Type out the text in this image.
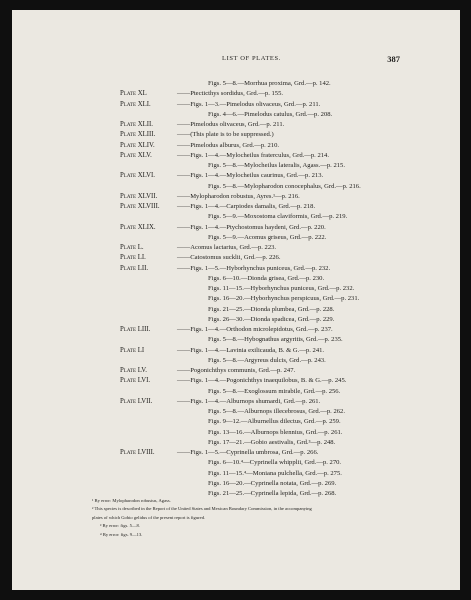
LIST OF PLATES.	387
Figs. 5—8.—Morrhua proxima, Grd.—p. 142.
Plate XL	——Ptecticthys sordidus, Grd.—p. 155.
Plate XLI.	——Figs. 1—3.—Pimelodus olivaceus, Grd.—p. 211.
Figs. 4—6.—Pimelodus catulus, Grd.—p. 208.
Plate XLII.	——Pimelodus olivaceus, Grd.—p. 211.
Plate XLIII.	——(This plate is to be suppressed.)
Plate XLIV.	——Pimelodus alburus, Grd.—p. 210.
Plate XLV.	——Figs. 1—4.—Mylocheilus fraterculus, Grd.—p. 214.
Figs. 5—8.—Mylocheilus lateralis, Agass.—p. 215.
Plate XLVI.	——Figs. 1—4.—Mylocheilus caurinus, Grd.—p. 213.
Figs. 5—8.—Mylopharodon conocephalus, Grd.—p. 216.
Plate XLVII.	——Mylopharodon robustus, Ayres.¹—p. 216.
Plate XLVIII.	——Figs. 1—4.—Carpiodes damalis, Grd.—p. 218.
Figs. 5—9.—Moxostoma claviformis, Grd.—p. 219.
Plate XLIX.	——Figs. 1—4.—Ptychostomus haydeni, Grd.—p. 220.
Figs. 5—9.—Acomus griseus, Grd.—p. 222.
Plate L.	——Acomus lactarius, Grd.—p. 223.
Plate LI.	——Catostomus sucklii, Grd.—p. 226.
Plate LII.	——Figs. 1—5.—Hyborhynchus puniceus, Grd.—p. 232.
Figs. 6—10.—Dionda grisea, Grd.—p. 230.
Figs. 11—15.—Hyborhynchus puniceus, Grd.—p. 232.
Figs. 16—20.—Hyborhynchus perspicuus, Grd.—p. 231.
Figs. 21—25.—Dionda plumbea, Grd.—p. 228.
Figs. 26—30.—Dionda spadicea, Grd.—p. 229.
Plate LIII.	——Figs. 1—4.—Orthodon microlepidotus, Grd.—p. 237.
Figs. 5—8.—Hybognathus argyritis, Grd.—p. 235.
Plate LI	——Figs. 1—4.—Lavinia exilicauda, B. & G.—p. 241.
Figs. 5—8.—Argyreus dulcis, Grd.—p. 243.
Plate LV.	——Pogonichthys communis, Grd.—p. 247.
Plate LVI.	——Figs. 1—4.—Pogonichthys inaequilobus, B. & G.—p. 245.
Figs. 5—8.—Exoglossum mirabile, Grd.—p. 256.
Plate LVII.	——Figs. 1—4.—Alburnops shumardi, Grd.—p. 261.
Figs. 5—8.—Alburnops illecebrosus, Grd.—p. 262.
Figs. 9—12.—Alburnellus dilectus, Grd.—p. 259.
Figs. 13—16.—Alburnops blennius, Grd.—p. 261.
Figs. 17—21.—Gobio aestivalis, Grd.³—p. 248.
Plate LVIII.	——Figs. 1—5.—Cyprinella umbrosa, Grd.—p. 266.
Figs. 6—10.⁴—Cyprinella whipplii, Grd.—p. 270.
Figs. 11—15.⁴—Moniana pulchella, Grd.—p. 275.
Figs. 16—20.—Cyprinella notata, Grd.—p. 269.
Figs. 21—25.—Cyprinella lepida, Grd.—p. 268.
¹ By error: Mylopharodon robustus, Agass.
² This species is described in the Report of the United States and Mexican Boundary Commission, in the accompanying
plates of which Gobio gelidus of the present report is figured.
³ By error: figs. 5—8.
⁴ By error: figs. 9—13.
